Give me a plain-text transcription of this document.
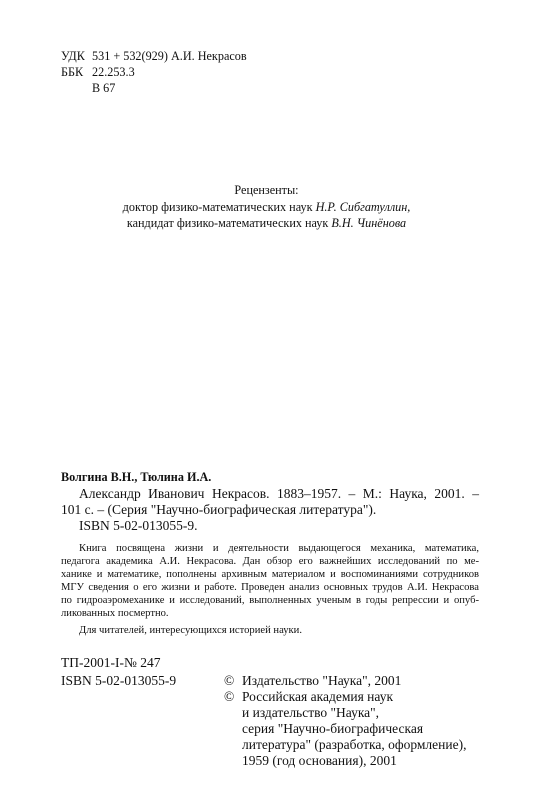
УДК 531 + 532(929) А.И. Некрасов
ББК 22.253.3
В 67
Рецензенты:
доктор физико-математических наук Н.Р. Сибгатуллин,
кандидат физико-математических наук В.Н. Чинёнова
Волгина В.Н., Тюлина И.А.
Александр Иванович Некрасов. 1883–1957. – М.: Наука, 2001. –
101 с. – (Серия "Научно-биографическая литература").
ISBN 5-02-013055-9.
Книга посвящена жизни и деятельности выдающегося механика, математика,
педагога академика А.И. Некрасова. Дан обзор его важнейших исследований по ме-
ханике и математике, пополнены архивным материалом и воспоминаниями сотрудников
МГУ сведения о его жизни и работе. Проведен анализ основных трудов А.И. Некрасова
по гидроаэромеханике и исследований, выполненных ученым в годы репрессии и опуб-
ликованных посмертно.
Для читателей, интересующихся историей науки.
ТП-2001-I-№ 247
ISBN 5-02-013055-9	© Издательство "Наука", 2001
© Российская академия наук
и издательство "Наука",
серия "Научно-биографическая
литература" (разработка, оформление),
1959 (год основания), 2001
